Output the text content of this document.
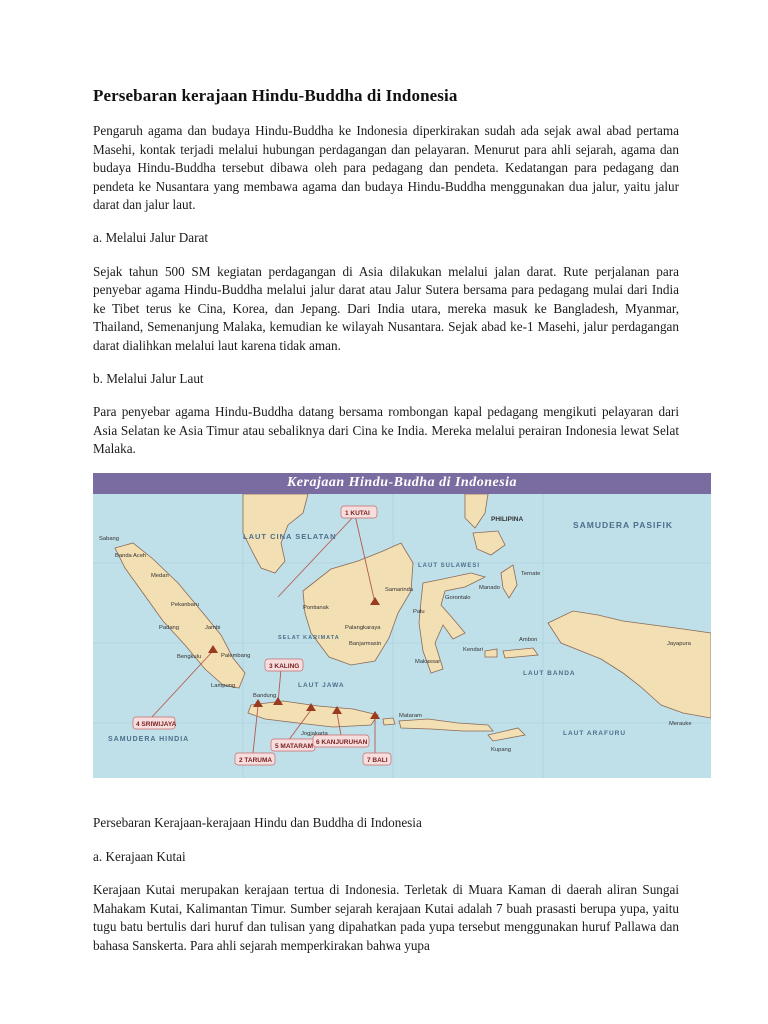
Persebaran kerajaan Hindu-Buddha di Indonesia

Pengaruh agama dan budaya Hindu-Buddha ke Indonesia diperkirakan sudah ada sejak awal abad pertama Masehi, kontak terjadi melalui hubungan perdagangan dan pelayaran. Menurut para ahli sejarah, agama dan budaya Hindu-Buddha tersebut dibawa oleh para pedagang dan pendeta. Kedatangan para pedagang dan pendeta ke Nusantara yang membawa agama dan budaya Hindu-Buddha menggunakan dua jalur, yaitu jalur darat dan jalur laut.

a. Melalui Jalur Darat

Sejak tahun 500 SM kegiatan perdagangan di Asia dilakukan melalui jalan darat. Rute perjalanan para penyebar agama Hindu-Buddha melalui jalur darat atau Jalur Sutera bersama para pedagang mulai dari India ke Tibet terus ke Cina, Korea, dan Jepang. Dari India utara, mereka masuk ke Bangladesh, Myanmar, Thailand, Semenanjung Malaka, kemudian ke wilayah Nusantara. Sejak abad ke-1 Masehi, jalur perdagangan darat dialihkan melalui laut karena tidak aman.

b. Melalui Jalur Laut

Para penyebar agama Hindu-Buddha datang bersama rombongan kapal pedagang mengikuti pelayaran dari Asia Selatan ke Asia Timur atau sebaliknya dari Cina ke India. Mereka melalui perairan Indonesia lewat Selat Malaka.

1 KUTAI
4 SRIWIJAYA
3 KALING
5 MATARAM
6 KANJURUHAN
2 TARUMA	7 BALI
LAUT CINA SELATAN
SAMUDERA PASIFIK
LAUT JAWA
LAUT ARAFURU
LAUT BANDA
LAUT SULAWESI
SELAT KARIMATA
SAMUDERA HINDIA
PHILIPINA
Sabang
Banda Aceh
Medan
Pekanbaru
Padang	Jambi
Palembang
Bengkulu
Lampung
Pontianak
Samarinda
Palangkaraya
Banjarmasin
Manado
Gorontalo
Palu
Makassar
Kendari
Ambon
Ternate
Jayapura
Merauke
Bandung
Jogjakarta
Kupang
Mataram
Kerajaan Hindu-Budha di Indonesia

Persebaran Kerajaan-kerajaan Hindu dan Buddha di Indonesia

a. Kerajaan Kutai

Kerajaan Kutai merupakan kerajaan tertua di Indonesia. Terletak di Muara Kaman di daerah aliran Sungai Mahakam Kutai, Kalimantan Timur. Sumber sejarah kerajaan Kutai adalah 7 buah prasasti berupa yupa, yaitu tugu batu bertulis dari huruf dan tulisan yang dipahatkan pada yupa tersebut menggunakan huruf Pallawa dan bahasa Sanskerta. Para ahli sejarah memperkirakan bahwa yupa
